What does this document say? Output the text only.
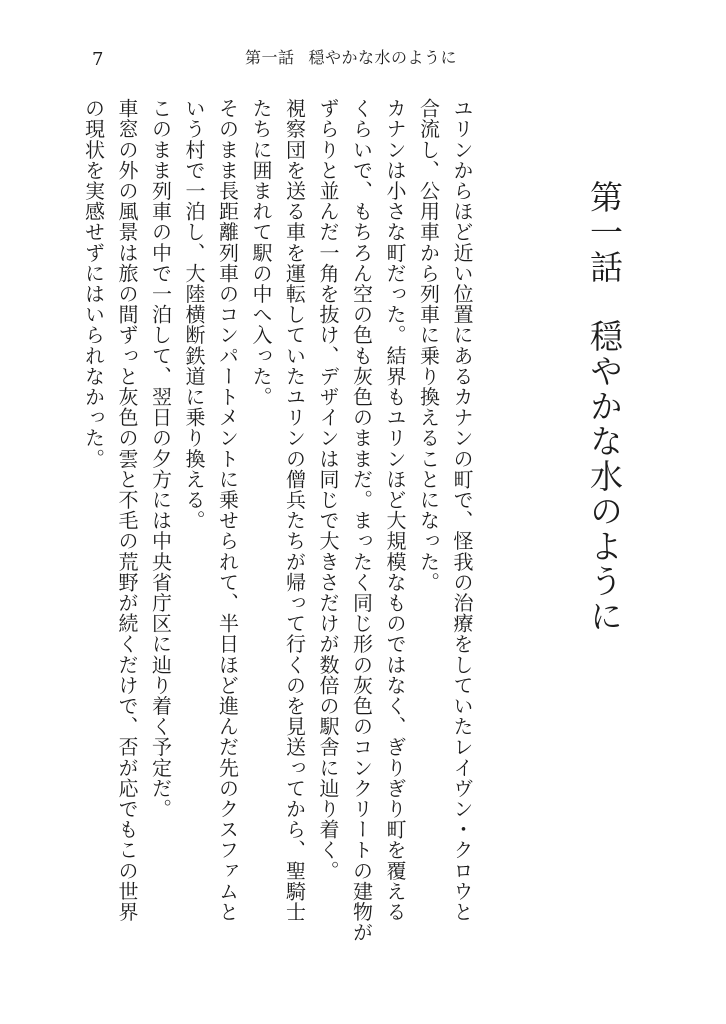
7	第一話 穏やかな水のように
第一話穏やかな水のように
ユリンからほど近い位置にあるカナンの町で、怪我の治療をしていたレイヴン・クロウと
合流し、公用車から列車に乗り換えることになった。
カナンは小さな町だった。結界もユリンほど大規模なものではなく、ぎりぎり町を覆える
くらいで、もちろん空の色も灰色のままだ。まったく同じ形の灰色のコンクリートの建物が
ずらりと並んだ一角を抜け、デザインは同じで大きさだけが数倍の駅舎に辿り着く。
視察団を送る車を運転していたユリンの僧兵たちが帰って行くのを見送ってから、聖騎士
たちに囲まれて駅の中へ入った。
そのまま長距離列車のコンパートメントに乗せられて、半日ほど進んだ先のクスファムと
いう村で一泊し、大陸横断鉄道に乗り換える。
このまま列車の中で一泊して、翌日の夕方には中央省庁区に辿り着く予定だ。
車窓の外の風景は旅の間ずっと灰色の雲と不毛の荒野が続くだけで、否が応でもこの世界
の現状を実感せずにはいられなかった。
